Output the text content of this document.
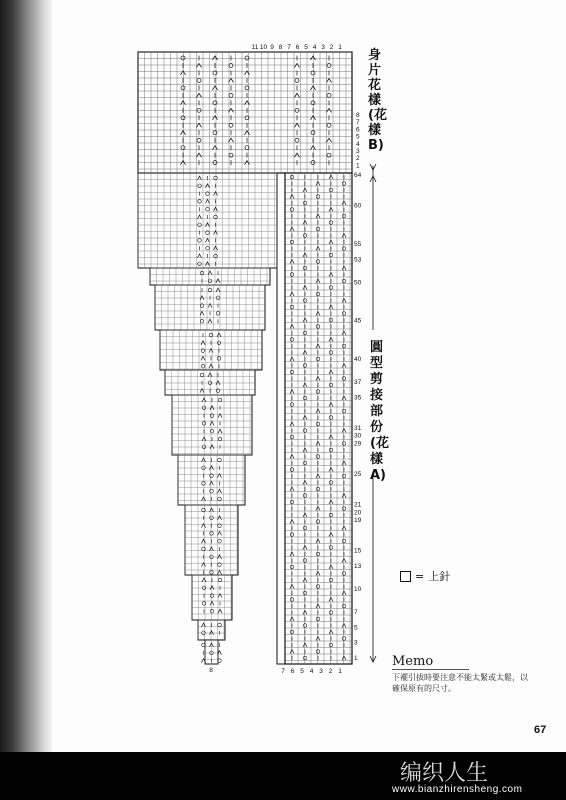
11 10 9 8 7 6 5 4 3 2 1
7 6 5 4 3 2 1
8
8
7
6
5
4
3
2
1
64
60
55
53
50
45
40
37
35
31
30
29
25
21
20
19
15
13
10
7
5
3
1
身片花樣(花樣B)
圓型剪接部份(花樣A)
= 上針
Memo
下襬引拔時要注意不能太緊或太鬆，以確保原有的尺寸。
67
编织人生
www.bianzhirensheng.com
